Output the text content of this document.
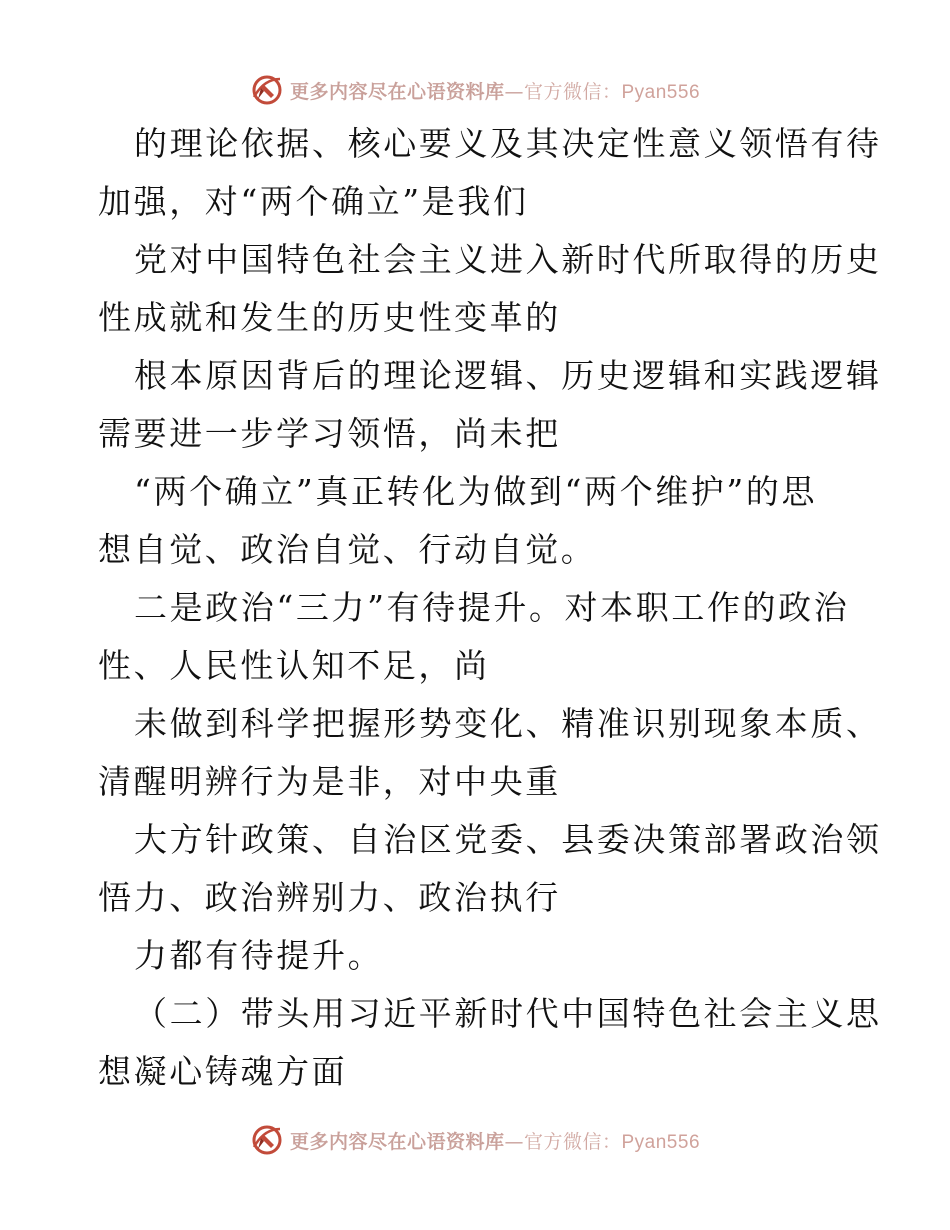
更多内容尽在心语资料库—官方微信：Pyan556
的理论依据、核心要义及其决定性意义领悟有待
加强，对“两个确立”是我们
党对中国特色社会主义进入新时代所取得的历史
性成就和发生的历史性变革的
根本原因背后的理论逻辑、历史逻辑和实践逻辑
需要进一步学习领悟，尚未把
“两个确立”真正转化为做到“两个维护”的思
想自觉、政治自觉、行动自觉。
二是政治“三力”有待提升。对本职工作的政治
性、人民性认知不足，尚
未做到科学把握形势变化、精准识别现象本质、
清醒明辨行为是非，对中央重
大方针政策、自治区党委、县委决策部署政治领
悟力、政治辨别力、政治执行
力都有待提升。
（二）带头用习近平新时代中国特色社会主义思
想凝心铸魂方面
更多内容尽在心语资料库—官方微信：Pyan556
